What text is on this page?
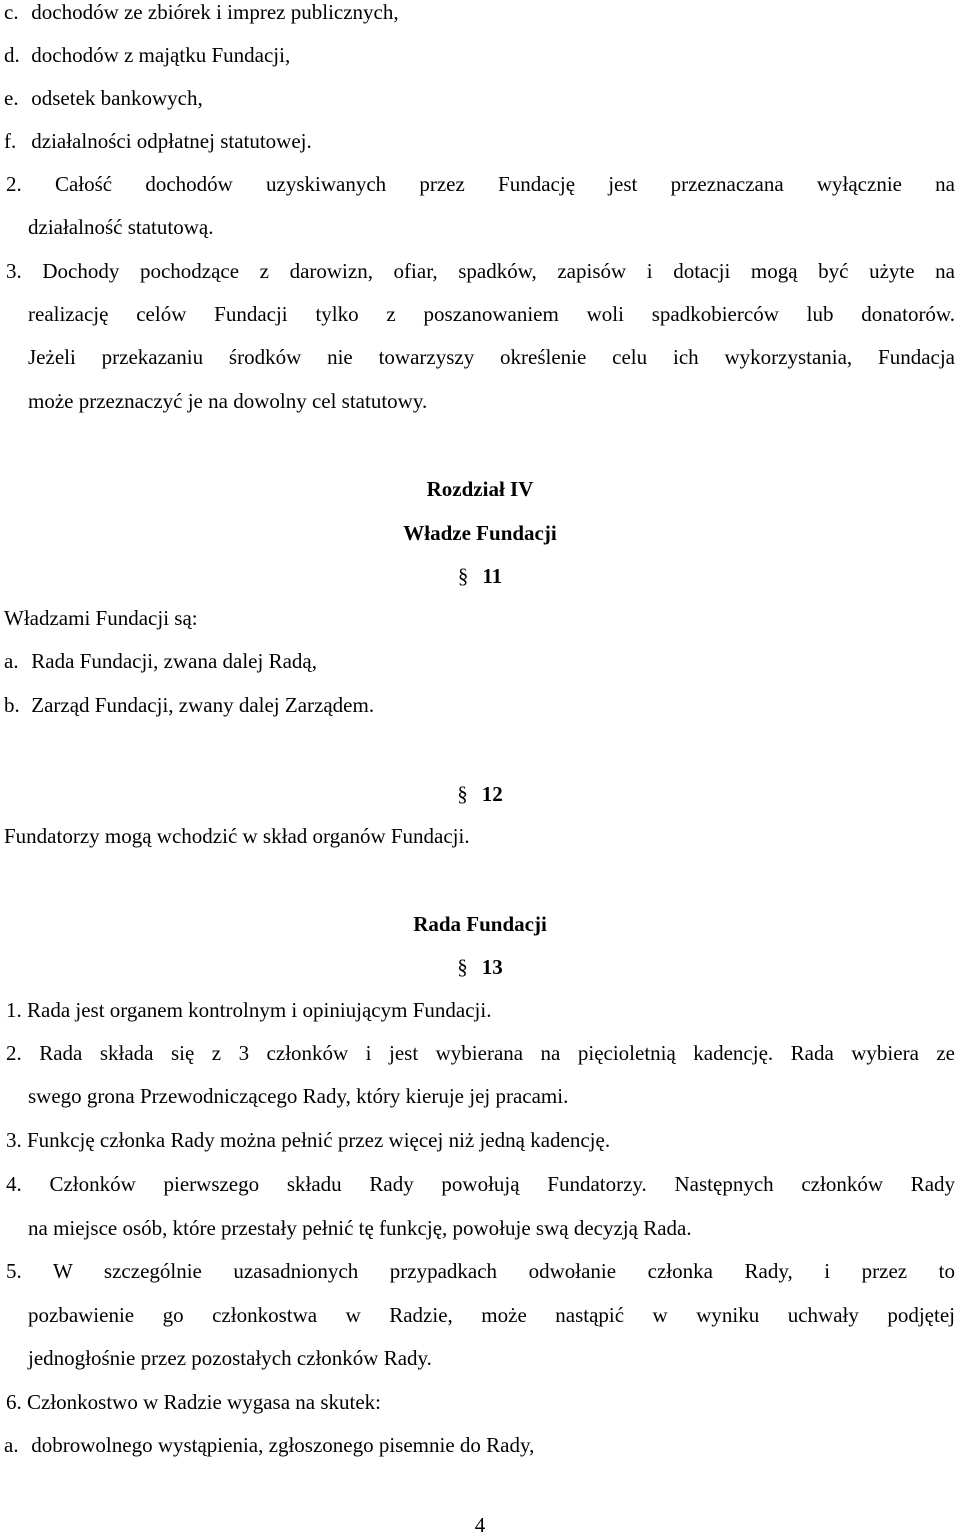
c. dochodów ze zbiórek i imprez publicznych,
d. dochodów z majątku Fundacji,
e. odsetek bankowych,
f. działalności odpłatnej statutowej.
2. Całość dochodów uzyskiwanych przez Fundację jest przeznaczana wyłącznie na
działalność statutową.
3. Dochody pochodzące z darowizn, ofiar, spadków, zapisów i dotacji mogą być użyte na
realizację celów Fundacji tylko z poszanowaniem woli spadkobierców lub donatorów.
Jeżeli przekazaniu środków nie towarzyszy określenie celu ich wykorzystania, Fundacja
może przeznaczyć je na dowolny cel statutowy.
Rozdział IV
Władze Fundacji
§ 11
Władzami Fundacji są:
a. Rada Fundacji, zwana dalej Radą,
b. Zarząd Fundacji, zwany dalej Zarządem.
§ 12
Fundatorzy mogą wchodzić w skład organów Fundacji.
Rada Fundacji
§ 13
1. Rada jest organem kontrolnym i opiniującym Fundacji.
2. Rada składa się z 3 członków i jest wybierana na pięcioletnią kadencję. Rada wybiera ze
swego grona Przewodniczącego Rady, który kieruje jej pracami.
3. Funkcję członka Rady można pełnić przez więcej niż jedną kadencję.
4. Członków pierwszego składu Rady powołują Fundatorzy. Następnych członków Rady
na miejsce osób, które przestały pełnić tę funkcję, powołuje swą decyzją Rada.
5. W szczególnie uzasadnionych przypadkach odwołanie członka Rady, i przez to
pozbawienie go członkostwa w Radzie, może nastąpić w wyniku uchwały podjętej
jednogłośnie przez pozostałych członków Rady.
6. Członkostwo w Radzie wygasa na skutek:
a. dobrowolnego wystąpienia, zgłoszonego pisemnie do Rady,
4
